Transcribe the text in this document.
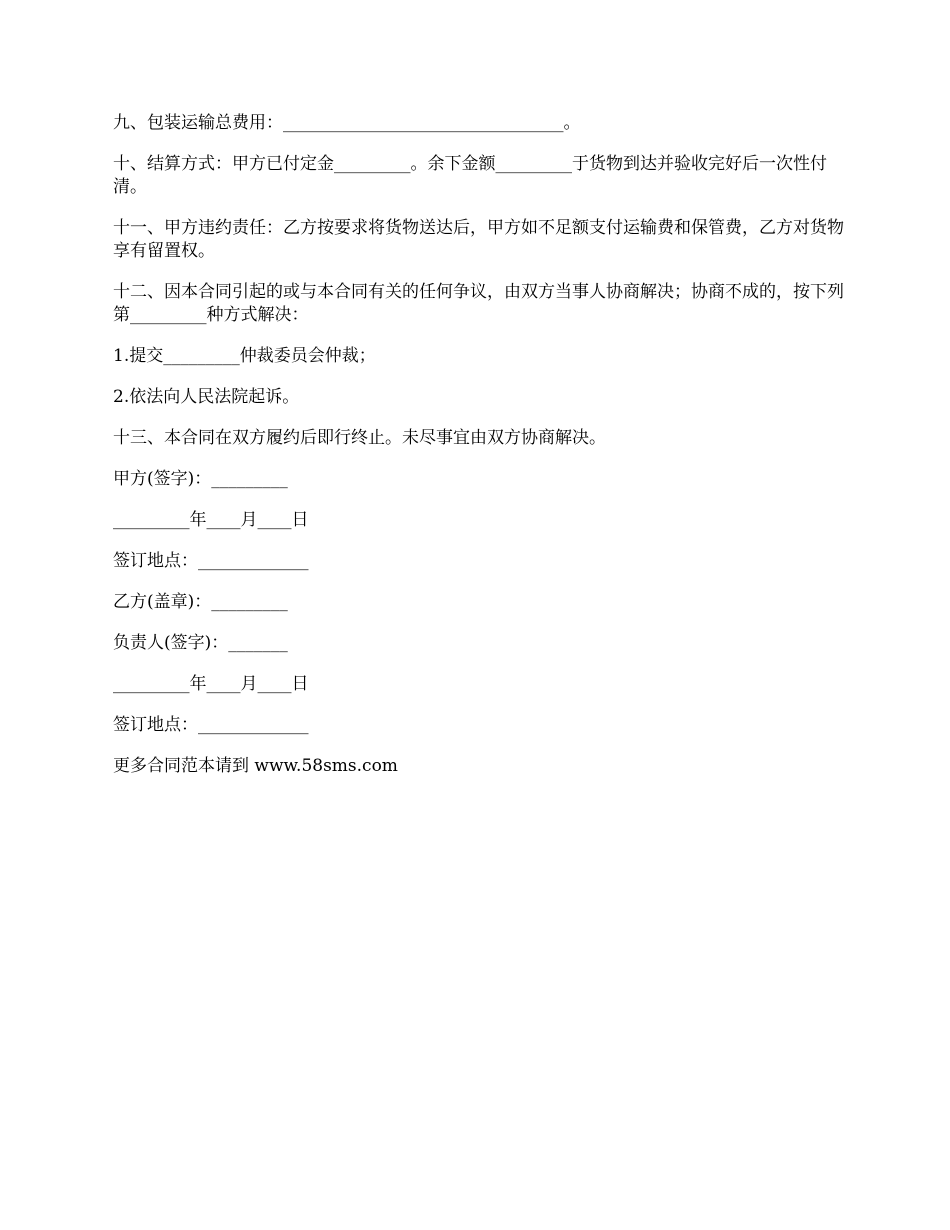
九、包装运输总费用：_________________________________。

十、结算方式：甲方已付定金_________。余下金额_________于货物到达并验收完好后一次性付清。

十一、甲方违约责任：乙方按要求将货物送达后，甲方如不足额支付运输费和保管费，乙方对货物享有留置权。

十二、因本合同引起的或与本合同有关的任何争议，由双方当事人协商解决；协商不成的，按下列第_________种方式解决：

1.提交_________仲裁委员会仲裁；

2.依法向人民法院起诉。

十三、本合同在双方履约后即行终止。未尽事宜由双方协商解决。

甲方(签字)：_________

_________年____月____日

签订地点：_____________

乙方(盖章)：_________

负责人(签字)：_______

_________年____月____日

签订地点：_____________

更多合同范本请到 www.58sms.com
